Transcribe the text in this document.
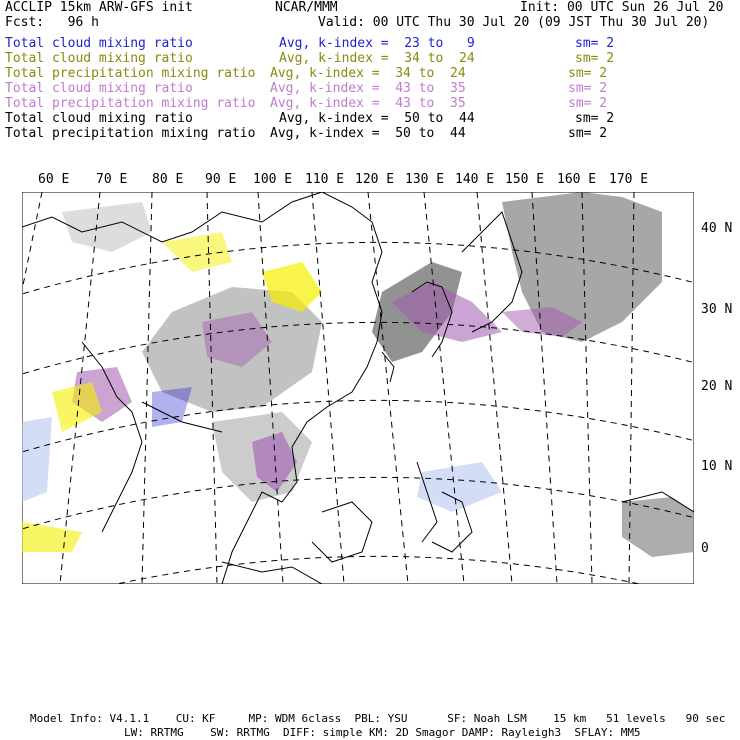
ACCLIP 15km ARW-GFS init	NCAR/MMM	Init: 00 UTC Sun 26 Jul 20
Fcst:   96 h	Valid: 00 UTC Thu 30 Jul 20 (09 JST Thu 30 Jul 20)
Total cloud mixing ratio	Avg, k-index =  23 to   9	sm= 2
Total cloud mixing ratio	Avg, k-index =  34 to  24	sm= 2
Total precipitation mixing ratio Avg, k-index =  34 to  24	sm= 2
Total cloud mixing ratio	Avg, k-index =  43 to  35	sm= 2
Total precipitation mixing ratio Avg, k-index =  43 to  35	sm= 2
Total cloud mixing ratio	Avg, k-index =  50 to  44	sm= 2
Total precipitation mixing ratio Avg, k-index =  50 to  44	sm= 2
60 E 70 E 80 E 90 E 100 E 110 E 120 E 130 E 140 E 150 E 160 E 170 E
40 N
30 N
20 N
10 N
0
Model Info: V4.1.1    CU: KF     MP: WDM 6class  PBL: YSU      SF: Noah LSM    15 km   51 levels   90 sec
LW: RRTMG    SW: RRTMG  DIFF: simple KM: 2D Smagor DAMP: Rayleigh3  SFLAY: MM5
